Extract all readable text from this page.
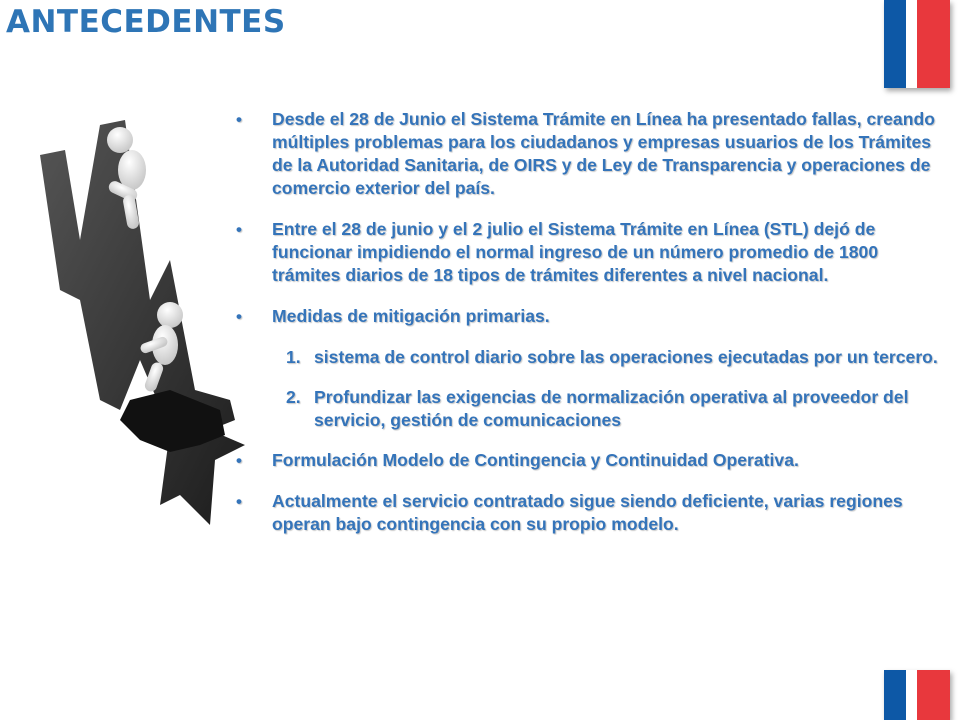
ANTECEDENTES
•	Desde el 28 de Junio el Sistema Trámite en Línea ha presentado fallas, creando múltiples problemas para los ciudadanos y empresas usuarios de los Trámites de la Autoridad Sanitaria, de OIRS y de Ley de Transparencia y operaciones de comercio exterior del país.
•	Entre el 28 de junio y el 2 julio el Sistema Trámite en Línea (STL) dejó de funcionar impidiendo el normal ingreso de un número promedio de 1800 trámites diarios de 18 tipos de trámites diferentes a nivel nacional.
•	Medidas de mitigación primarias.
1. sistema de control diario sobre las operaciones ejecutadas por un tercero.
2. Profundizar las exigencias de normalización operativa al proveedor del servicio, gestión de comunicaciones
•	Formulación Modelo de Contingencia y Continuidad Operativa.
•	Actualmente el servicio contratado sigue siendo deficiente, varias regiones operan bajo contingencia con su propio modelo.
